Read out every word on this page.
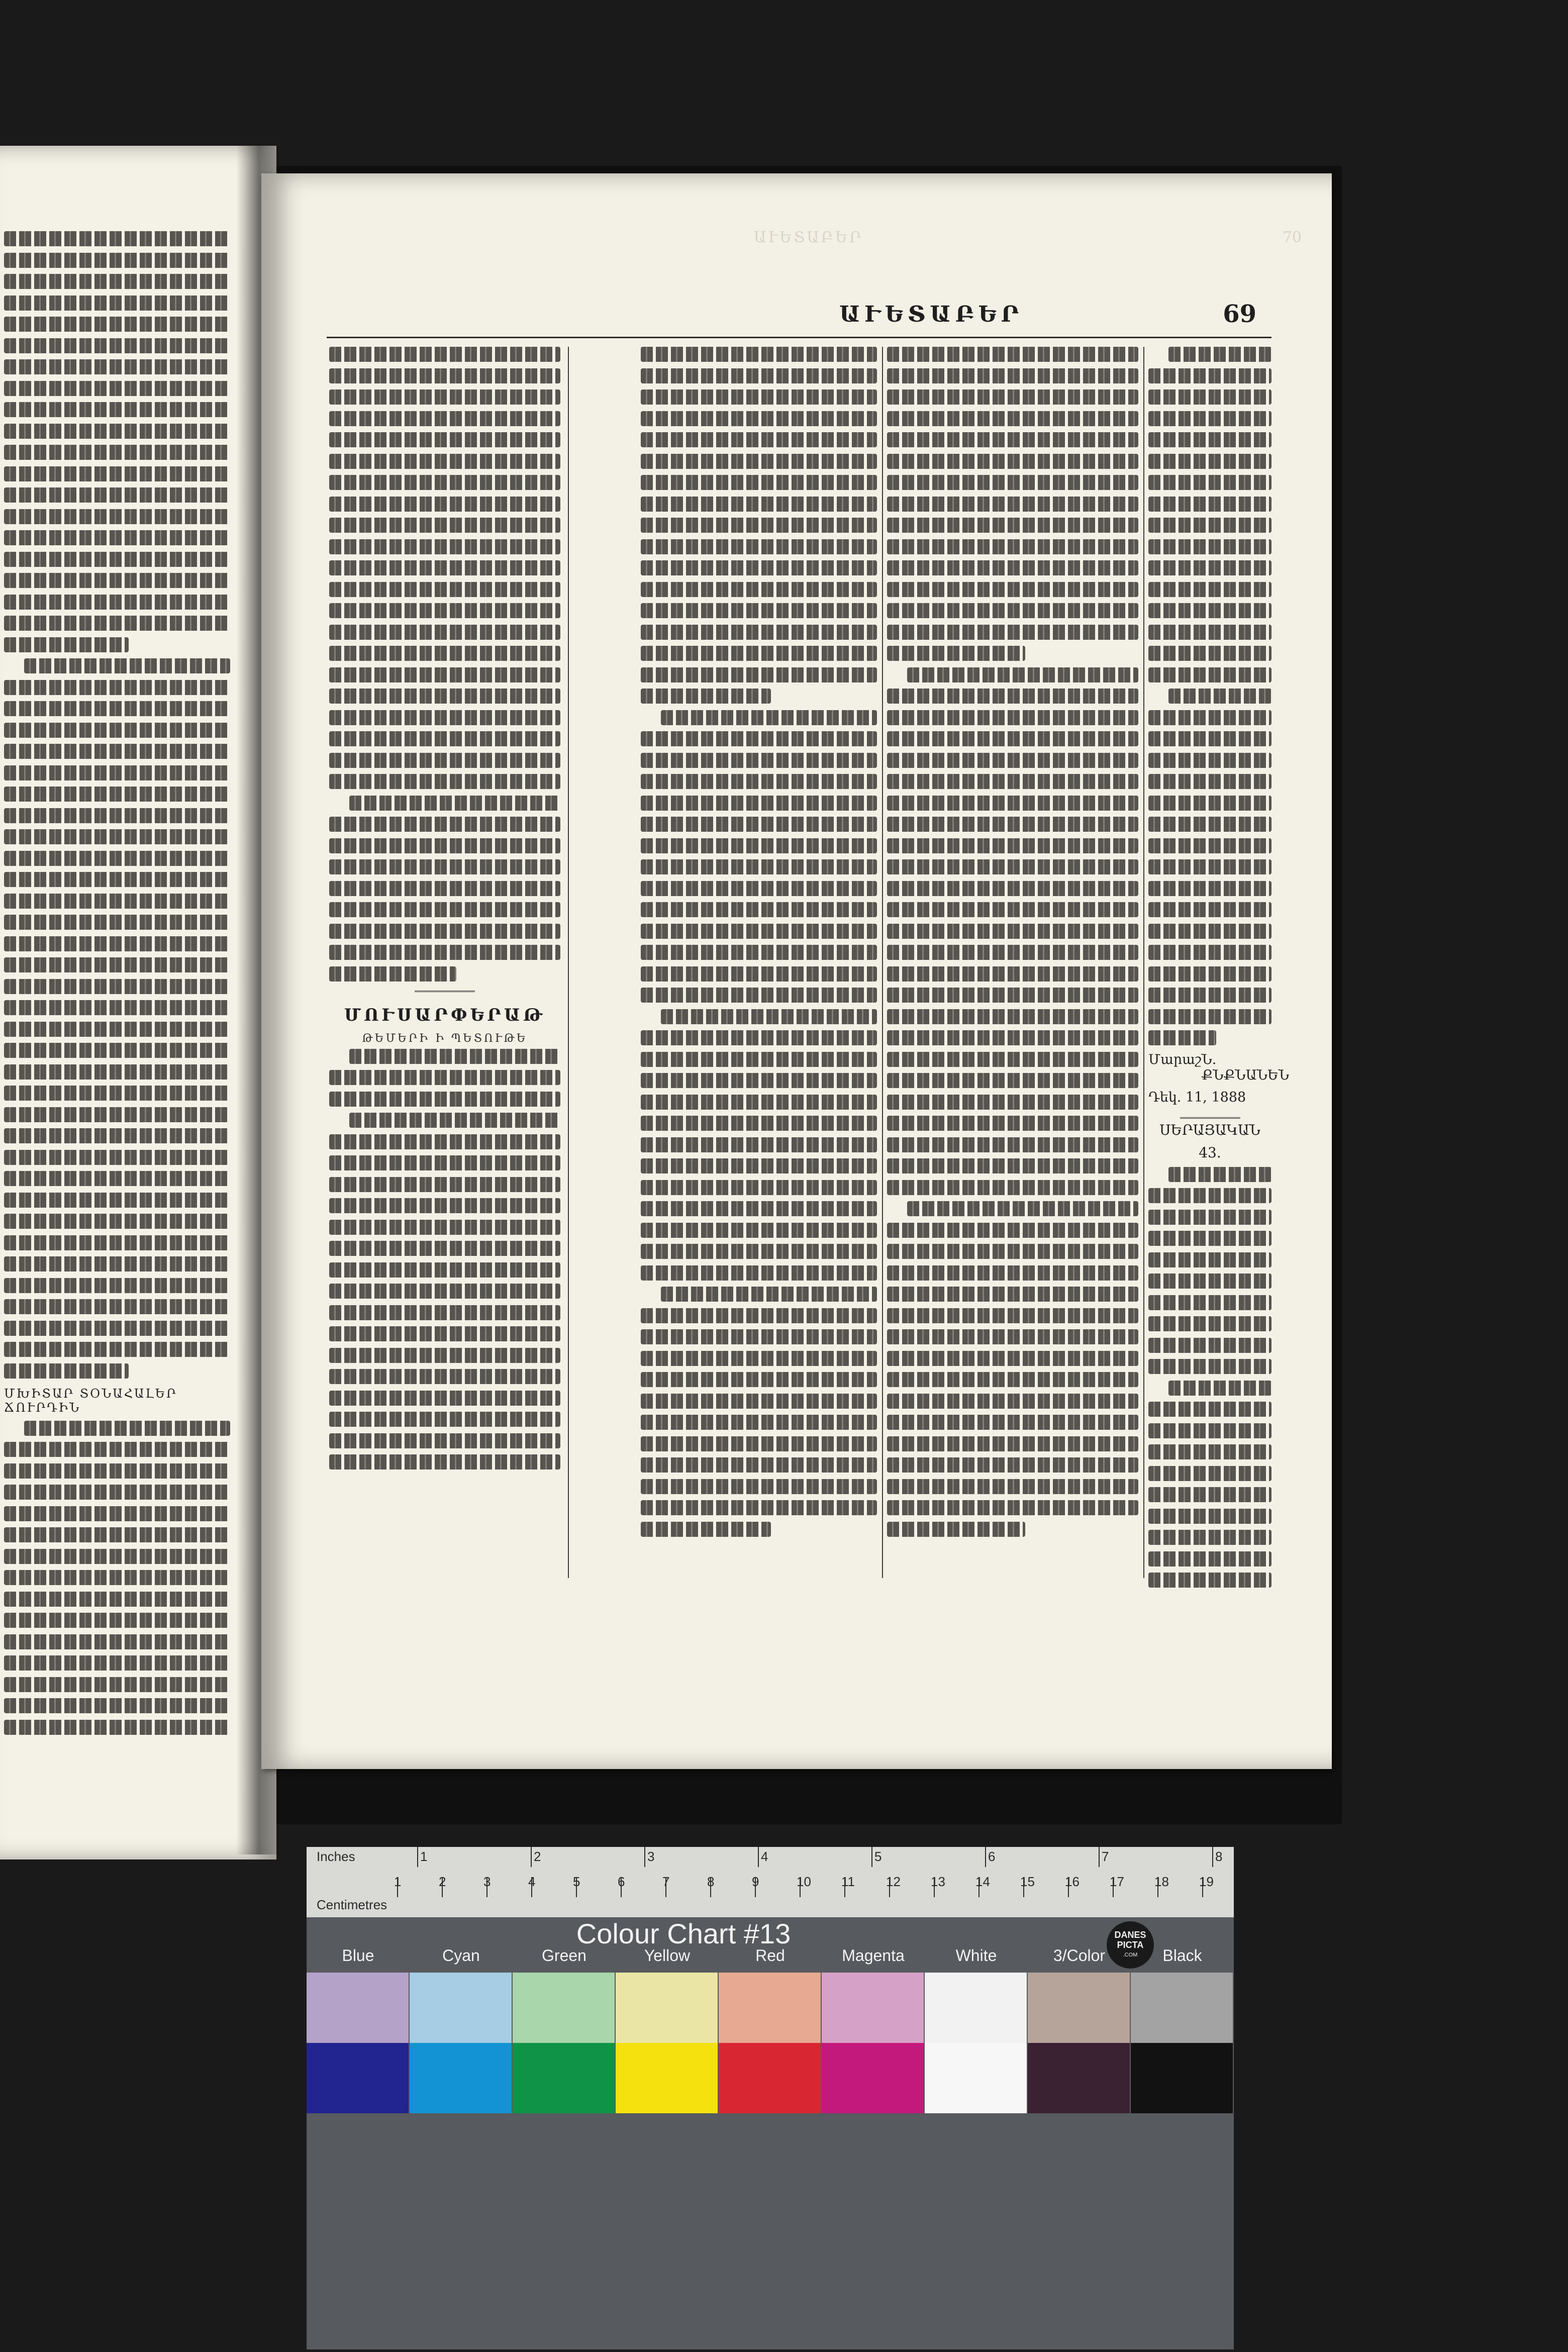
ՄԽԻՏԱՐ ՏՕՆԱՀԱԼԵՐ ՃՈՒՐԴԻՆ
ԱՒԵՏԱԲԵՐ	70
ԱՒԵՏԱԲԵՐ	69
ՄՈՒՍԱՐՓԵՐԱԹ
ԹԵՄԵՐԻ Ի ՊԵՏՈՒԹԵ
Մարաշ Ն. ՔՆՔՆԱՆԵՆ
Դեկ. 11, 1888
ՍԵՐԱՅԱԿԱՆ
43.
Inches
Centimetres
1	2	3	4	5	6	7	8
1	2	3	4	5	6	7	8	9	10 11 12 13 14 15 16 17 18 19
Colour Chart #13	DANES
PICTA
.COM
Blue	Cyan	Green	Yellow	Red	Magenta	White	3/Color	Black
